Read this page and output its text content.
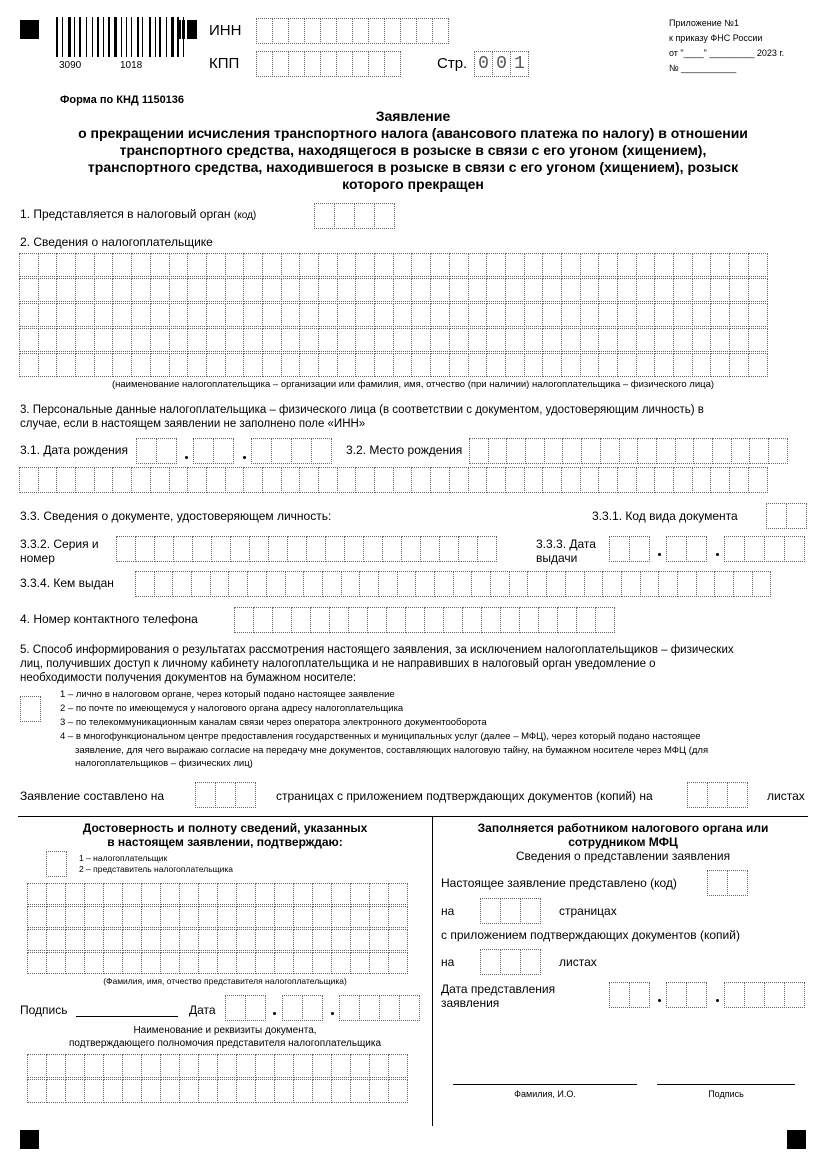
3090	1018
ИНН
КПП	Стр. 0 0 1
Приложение №1
к приказу ФНС России
от "____" _________ 2023 г.
№ ___________
Форма по КНД 1150136
Заявление
о прекращении исчисления транспортного налога (авансового платежа по налогу) в отношении
транспортного средства, находящегося в розыске в связи с его угоном (хищением),
транспортного средства, находившегося в розыске в связи с его угоном (хищением), розыск
которого прекращен
1. Представляется в налоговый орган (код)
2. Сведения о налогоплательщике
(наименование налогоплательщика – организации или фамилия, имя, отчество (при наличии) налогоплательщика – физического лица)
3. Персональные данные налогоплательщика – физического лица (в соответствии с документом, удостоверяющим личность) в
случае, если в настоящем заявлении не заполнено поле «ИНН»
3.1. Дата рождения	3.2. Место рождения
3.3. Сведения о документе, удостоверяющем личность:	3.3.1. Код вида документа
3.3.2. Серия и
номер
3.3.3. Дата
выдачи
3.3.4. Кем выдан
4. Номер контактного телефона
5. Способ информирования о результатах рассмотрения настоящего заявления, за исключением налогоплательщиков – физических
лиц, получивших доступ к личному кабинету налогоплательщика и не направивших в налоговый орган уведомление о
необходимости получения документов на бумажном носителе:
1 – лично в налоговом органе, через который подано настоящее заявление
2 – по почте по имеющемуся у налогового органа адресу налогоплательщика
3 – по телекоммуникационным каналам связи через оператора электронного документооборота
4 – в многофункциональном центре предоставления государственных и муниципальных услуг (далее – МФЦ), через который подано настоящее
заявление, для чего выражаю согласие на передачу мне документов, составляющих налоговую тайну, на бумажном носителе через МФЦ (для
налогоплательщиков – физических лиц)
Заявление составлено на	страницах с приложением подтверждающих документов (копий) на	листах
Достоверность и полноту сведений, указанных
в настоящем заявлении, подтверждаю:
1 – налогоплательщик
2 – представитель налогоплательщика
(Фамилия, имя, отчество представителя налогоплательщика)
Подпись	Дата
Наименование и реквизиты документа,
подтверждающего полномочия представителя налогоплательщика
Заполняется работником налогового органа или
сотрудником МФЦ
Сведения о представлении заявления
Настоящее заявление представлено (код)
на	страницах
с приложением подтверждающих документов (копий)
на	листах
Дата представления
заявления
Фамилия, И.О.	Подпись
